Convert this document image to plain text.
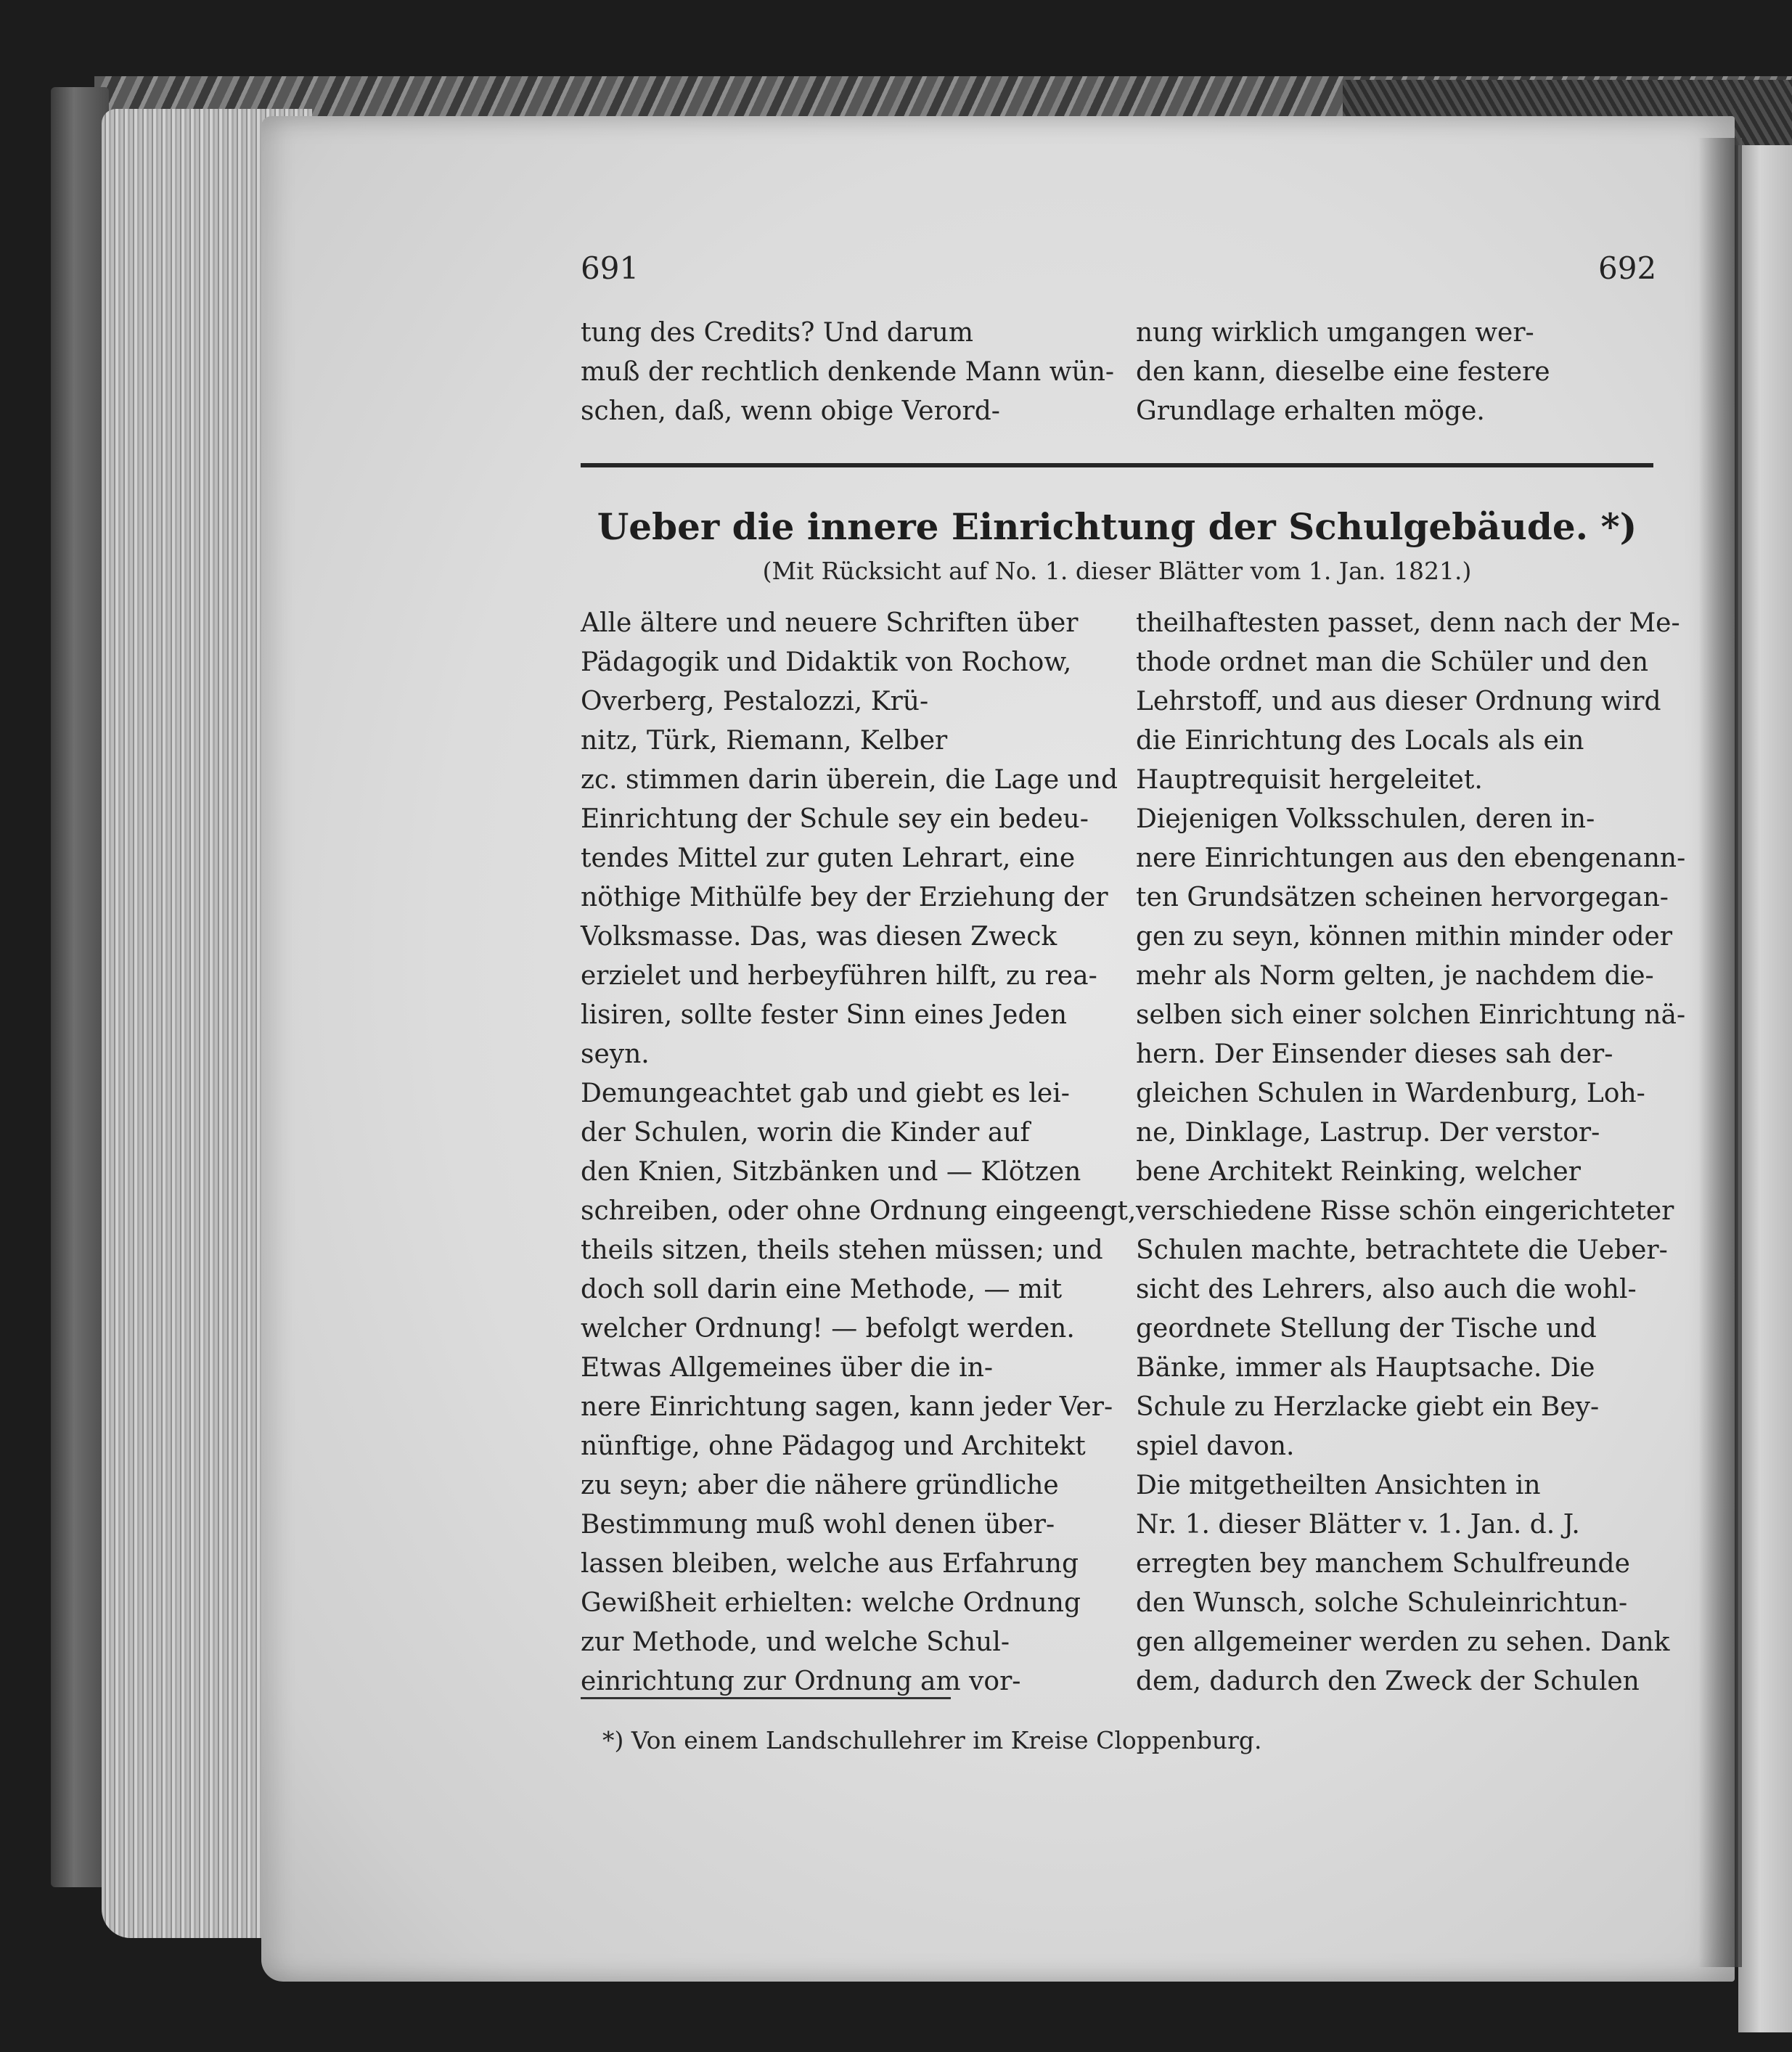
691	692
tung des Credits? Und darum
muß der rechtlich denkende Mann wün-
schen, daß, wenn obige Verord-
nung wirklich umgangen wer-
den kann, dieselbe eine festere
Grundlage erhalten möge.
Ueber die innere Einrichtung der Schulgebäude. *)
(Mit Rücksicht auf No. 1. dieser Blätter vom 1. Jan. 1821.)
Alle ältere und neuere Schriften über
Pädagogik und Didaktik von Rochow,
Overberg, Pestalozzi, Krü-
nitz, Türk, Riemann, Kelber
zc. stimmen darin überein, die Lage und
Einrichtung der Schule sey ein bedeu-
tendes Mittel zur guten Lehrart, eine
nöthige Mithülfe bey der Erziehung der
Volksmasse. Das, was diesen Zweck
erzielet und herbeyführen hilft, zu rea-
lisiren, sollte fester Sinn eines Jeden
seyn.
Demungeachtet gab und giebt es lei-
der Schulen, worin die Kinder auf
den Knien, Sitzbänken und — Klötzen
schreiben, oder ohne Ordnung eingeengt,
theils sitzen, theils stehen müssen; und
doch soll darin eine Methode, — mit
welcher Ordnung! — befolgt werden.
Etwas Allgemeines über die in-
nere Einrichtung sagen, kann jeder Ver-
nünftige, ohne Pädagog und Architekt
zu seyn; aber die nähere gründliche
Bestimmung muß wohl denen über-
lassen bleiben, welche aus Erfahrung
Gewißheit erhielten: welche Ordnung
zur Methode, und welche Schul-
einrichtung zur Ordnung am vor-
theilhaftesten passet, denn nach der Me-
thode ordnet man die Schüler und den
Lehrstoff, und aus dieser Ordnung wird
die Einrichtung des Locals als ein
Hauptrequisit hergeleitet.
Diejenigen Volksschulen, deren in-
nere Einrichtungen aus den ebengenann-
ten Grundsätzen scheinen hervorgegan-
gen zu seyn, können mithin minder oder
mehr als Norm gelten, je nachdem die-
selben sich einer solchen Einrichtung nä-
hern. Der Einsender dieses sah der-
gleichen Schulen in Wardenburg, Loh-
ne, Dinklage, Lastrup. Der verstor-
bene Architekt Reinking, welcher
verschiedene Risse schön eingerichteter
Schulen machte, betrachtete die Ueber-
sicht des Lehrers, also auch die wohl-
geordnete Stellung der Tische und
Bänke, immer als Hauptsache. Die
Schule zu Herzlacke giebt ein Bey-
spiel davon.
Die mitgetheilten Ansichten in
Nr. 1. dieser Blätter v. 1. Jan. d. J.
erregten bey manchem Schulfreunde
den Wunsch, solche Schuleinrichtun-
gen allgemeiner werden zu sehen. Dank
dem, dadurch den Zweck der Schulen
*) Von einem Landschullehrer im Kreise Cloppenburg.
